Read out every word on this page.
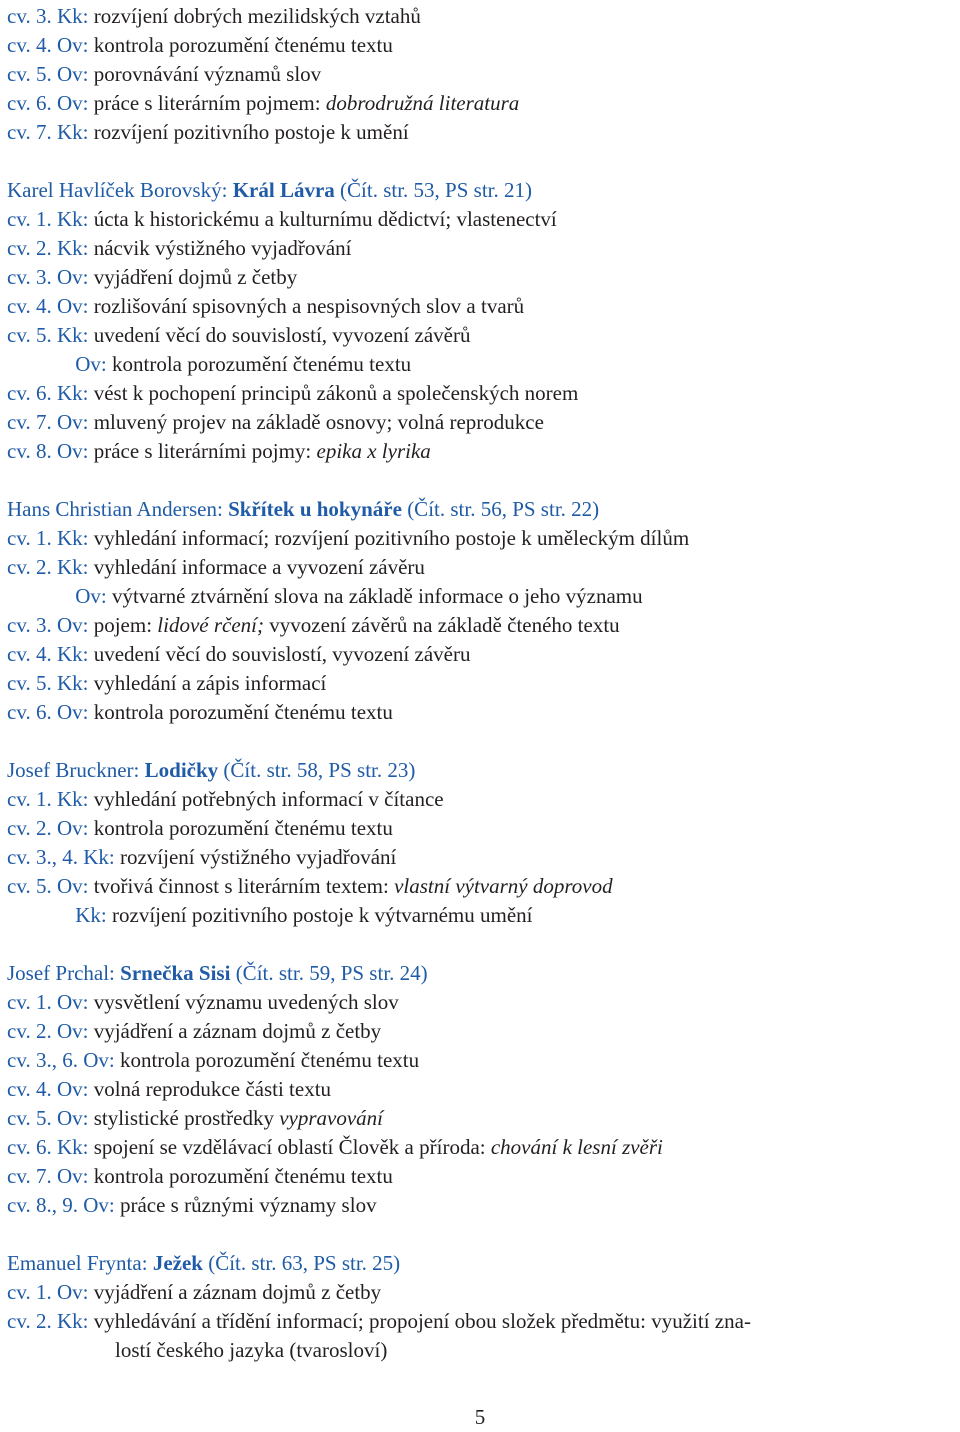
cv. 3. Kk: rozvíjení dobrých mezilidských vztahů
cv. 4. Ov: kontrola porozumění čtenému textu
cv. 5. Ov: porovnávání významů slov
cv. 6. Ov: práce s literárním pojmem: dobrodružná literatura
cv. 7. Kk: rozvíjení pozitivního postoje k umění
Karel Havlíček Borovský: Král Lávra (Čít. str. 53, PS str. 21)
cv. 1. Kk: úcta k historickému a kulturnímu dědictví; vlastenectví
cv. 2. Kk: nácvik výstižného vyjadřování
cv. 3. Ov: vyjádření dojmů z četby
cv. 4. Ov: rozlišování spisovných a nespisovných slov a tvarů
cv. 5. Kk: uvedení věcí do souvislostí, vyvození závěrů
Ov: kontrola porozumění čtenému textu
cv. 6. Kk: vést k pochopení principů zákonů a společenských norem
cv. 7. Ov: mluvený projev na základě osnovy; volná reprodukce
cv. 8. Ov: práce s literárními pojmy: epika x lyrika
Hans Christian Andersen: Skřítek u hokynáře (Čít. str. 56, PS str. 22)
cv. 1. Kk: vyhledání informací; rozvíjení pozitivního postoje k uměleckým dílům
cv. 2. Kk: vyhledání informace a vyvození závěru
Ov: výtvarné ztvárnění slova na základě informace o jeho významu
cv. 3. Ov: pojem: lidové rčení; vyvození závěrů na základě čteného textu
cv. 4. Kk: uvedení věcí do souvislostí, vyvození závěru
cv. 5. Kk: vyhledání a zápis informací
cv. 6. Ov: kontrola porozumění čtenému textu
Josef Bruckner: Lodičky (Čít. str. 58, PS str. 23)
cv. 1. Kk: vyhledání potřebných informací v čítance
cv. 2. Ov: kontrola porozumění čtenému textu
cv. 3., 4. Kk: rozvíjení výstižného vyjadřování
cv. 5. Ov: tvořivá činnost s literárním textem: vlastní výtvarný doprovod
Kk: rozvíjení pozitivního postoje k výtvarnému umění
Josef Prchal: Srnečka Sisi (Čít. str. 59, PS str. 24)
cv. 1. Ov: vysvětlení významu uvedených slov
cv. 2. Ov: vyjádření a záznam dojmů z četby
cv. 3., 6. Ov: kontrola porozumění čtenému textu
cv. 4. Ov: volná reprodukce části textu
cv. 5. Ov: stylistické prostředky vypravování
cv. 6. Kk: spojení se vzdělávací oblastí Člověk a příroda: chování k lesní zvěři
cv. 7. Ov: kontrola porozumění čtenému textu
cv. 8., 9. Ov: práce s různými významy slov
Emanuel Frynta: Ježek (Čít. str. 63, PS str. 25)
cv. 1. Ov: vyjádření a záznam dojmů z četby
cv. 2. Kk: vyhledávání a třídění informací; propojení obou složek předmětu: využití zna-
lostí českého jazyka (tvarosloví)
5
